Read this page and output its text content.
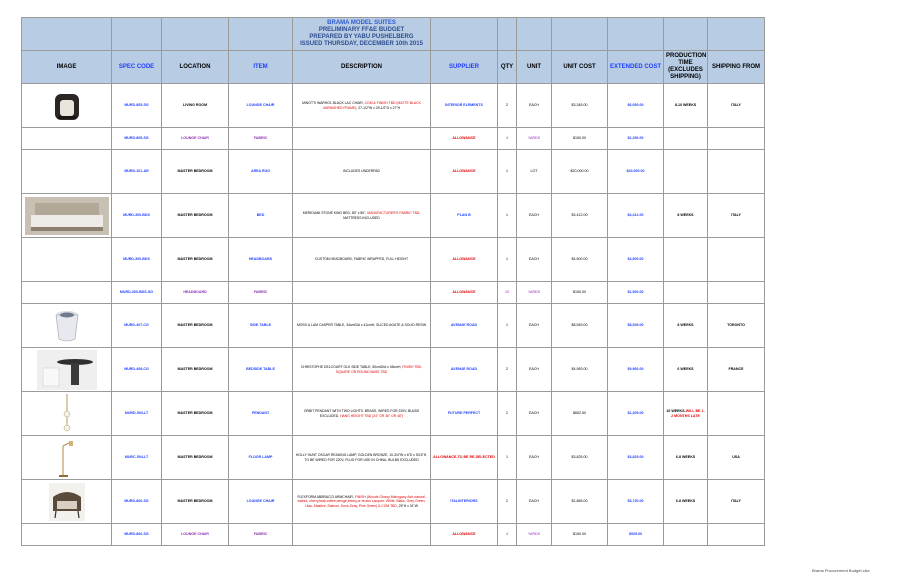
				BRAMA MODEL SUITES
PRELIMINARY FF&E BUDGET
PREPARED BY YABU PUSHELBERG
ISSUED THURSDAY, DECEMBER 10th 2015							

IMAGE	SPEC CODE	LOCATION	ITEM	DESCRIPTION	SUPPLIER	QTY	UNIT	UNIT COST	EXTENDED COST	PRODUCTION TIME (EXCLUDES SHIPPING)	SHIPPING FROM

	MURD-805-SG	LIVING ROOM	LOUNGE CHAIR	MINOTTI WARHOL BLACK LAC CHAIR, COM & FINISH TBD (MATTE BLACK VARNISHED FRAME), 27-1/2"W x 29-1/2"D x 27"H	INTERIOR ELEMENTS	2	EACH	$3,345.00	$6,690.00	8-10 WEEKS	ITALY
	MURD-805-SG	LOUNGE CHAIR	FABRIC		ALLOWANCE	4	YARDS	$150.00	$1,250.00		
	MURD-101-AR	MASTER BEDROOM	AREA RUG	INCLUDES UNDERPAD	ALLOWANCE	1	LOT	$20,000.00	$20,000.00		

	MURD-300-BDS	MASTER BEDROOM	BED	MERIDIANI STONE KING BED, 80" x 80", MANUFACTURER'S FABRIC TBD, MATTRESS INCLUDED	PLAN B	1	EACH	$3,412.00	$4,412.00	8 WEEKS	ITALY
	MURD-300-BDS	MASTER BEDROOM	HEADBOARD	CUSTOM HEADBOARD, FABRIC WRAPPED, FULL HEIGHT	ALLOWANCE	1	EACH	$4,500.00	$4,500.00		
	MURD-300-BDS-SG	HEADBOARD	FABRIC		ALLOWANCE	10	YARDS	$150.00	$1,500.00		

	MURD-407-CG	MASTER BEDROOM	SIDE TABLE	MOSS & LAM CASPER TABLE, 34cmDIA x 41cmH, SLICED AGATE & SOLID RESIN	AVENUE ROAD	1	EACH	$8,549.00	$8,549.00	8 WEEKS	TORONTO

	MURD-408-CG	MASTER BEDROOM	BEDSIDE TABLE	CHRISTOPHE DELCOURT OLK SIDE TABLE, 50cmDIA x 45cmH, FINISH TBD, SQUARE OR ROUND BASE TBD	AVENUE ROAD	2	EACH	$4,983.00	$9,966.00	6 WEEKS	FRANCE

	MURD-503-LT	MASTER BEDROOM	PENDANT	ORBIT PENDANT WITH TWO LIGHTS, BRASS, WIRED FOR 220V, BULBS EXCLUDED, HANG HEIGHT TBD (24" OR 36" OR 48")	FUTURE PERFECT	2	EACH	$652.50	$1,305.00	16 WEEKS-WILL BE 1-2 MONTHS LATE	

	MURC-504-LT	MASTER BEDROOM	FLOOR LAMP	HOLLY HUNT OSCAR READING LAMP, GOLDEN BRONZE, 10-3/4"W x 6"D x 53.5"H, TO BE WIRED FOR 220V, PLUG FOR USE IN CHINA, BULBS EXCLUDED	ALLOWANCE-TO BE RE-SELECTED	1	EACH	$3,825.00	$3,825.00	6-8 WEEKS	USA

	MURD-806-SG	MASTER BEDROOM	LOUNGE CHAIR	FLEXFORM ABBRACCI ARMCHAIR, FINISH (Woods Glossy Mahogany Ash-natural, walnut, cherry,teak,coffee,wenge,ebony,or brown Lacquer: White, Black, Grey-Green, Lilac, Mastice, Salmon, Dove-Gray, Pine Green) & COM TBD, 25"H x 31"W	ITALINTERIORS	2	EACH	$1,865.00	$3,730.00	6-8 WEEKS	ITALY
	MURD-806-SG	LOUNGE CHAIR	FABRIC		ALLOWANCE	4	YARDS	$150.00	$525.00		
Brama Procurement Budget.xlsx
